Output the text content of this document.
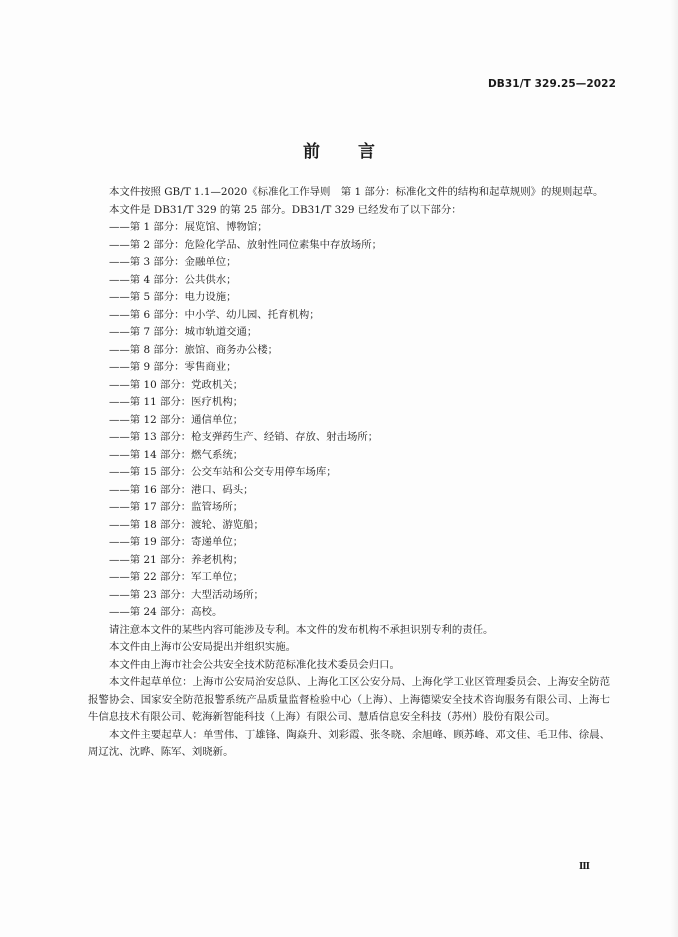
DB31/T 329.25—2022
前言

本文件按照 GB/T 1.1—2020《标准化工作导则　第 1 部分：标准化文件的结构和起草规则》的规则起草。

本文件是 DB31/T 329 的第 25 部分。DB31/T 329 已经发布了以下部分：

——第 1 部分：展览馆、博物馆；

——第 2 部分：危险化学品、放射性同位素集中存放场所；

——第 3 部分：金融单位；

——第 4 部分：公共供水；

——第 5 部分：电力设施；

——第 6 部分：中小学、幼儿园、托育机构；

——第 7 部分：城市轨道交通；

——第 8 部分：旅馆、商务办公楼；

——第 9 部分：零售商业；

——第 10 部分：党政机关；

——第 11 部分：医疗机构；

——第 12 部分：通信单位；

——第 13 部分：枪支弹药生产、经销、存放、射击场所；

——第 14 部分：燃气系统；

——第 15 部分：公交车站和公交专用停车场库；

——第 16 部分：港口、码头；

——第 17 部分：监管场所；

——第 18 部分：渡轮、游览船；

——第 19 部分：寄递单位；

——第 21 部分：养老机构；

——第 22 部分：军工单位；

——第 23 部分：大型活动场所；

——第 24 部分：高校。

请注意本文件的某些内容可能涉及专利。本文件的发布机构不承担识别专利的责任。

本文件由上海市公安局提出并组织实施。

本文件由上海市社会公共安全技术防范标准化技术委员会归口。

本文件起草单位：上海市公安局治安总队、上海化工区公安分局、上海化学工业区管理委员会、上海安全防范报警协会、国家安全防范报警系统产品质量监督检验中心（上海）、上海德梁安全技术咨询服务有限公司、上海七牛信息技术有限公司、乾海新智能科技（上海）有限公司、慧盾信息安全科技（苏州）股份有限公司。

本文件主要起草人：单雪伟、丁雄锋、陶焱升、刘彩霞、张冬晓、余旭峰、顾苏峰、邓文佳、毛卫伟、徐晨、周辽沈、沈晔、陈军、刘晓新。

Ⅲ
